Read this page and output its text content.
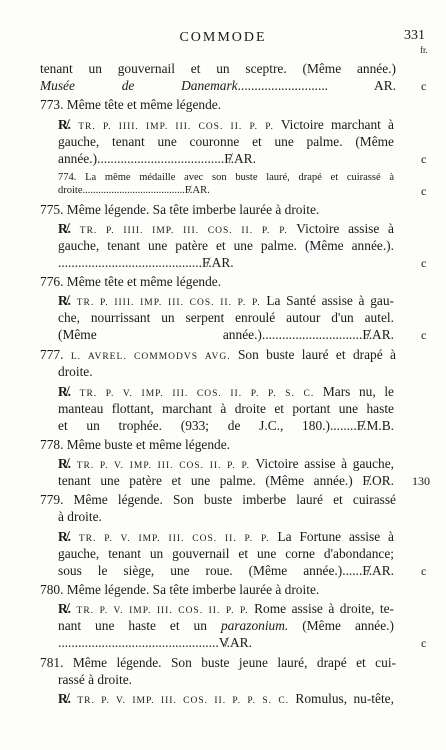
COMMODE	331
fr.
tenant un gouvernail et un sceptre. (Même année.)
Musée de Danemark........................... AR.
773. Même tête et même légende.
R̸. TR. P. IIII. IMP. III. COS. II. P. P. Victoire marchant à
gauche, tenant une couronne et une palme. (Même
année.)......................................F̸.AR.
774. La même médaille avec son buste lauré, drapé et cuirassé à
droite.......................................F̸.AR.
775. Même légende. Sa tête imberbe laurée à droite.
R̸. TR. P. IIII. IMP. III. COS. II. P. P. Victoire assise à
gauche, tenant une patère et une palme. (Même année.).
...........................................F̸.AR.
776. Même tête et même légende.
R̸. TR. P. IIII. IMP. III. COS. II. P. P. La Santé assise à gau-
che, nourrissant un serpent enroulé autour d'un autel.
(Même année.)..............................F̸.AR.
777. L. AVREL. COMMODVS AVG. Son buste lauré et drapé à
droite.
R̸. TR. P. V. IMP. III. COS. II. P. P. S. C. Mars nu, le
manteau flottant, marchant à droite et portant une haste
et un trophée. (933; de J.C., 180.)........F̸.M.B.
778. Même buste et même légende.
R̸. TR. P. V. IMP. III. COS. II. P. P. Victoire assise à gauche,
tenant une patère et une palme. (Même année.) F̸.OR.
779. Même légende. Son buste imberbe lauré et cuirassé
à droite.
R̸. TR. P. V. IMP. III. COS. II. P. P. La Fortune assise à
gauche, tenant un gouvernail et une corne d'abondance;
sous le siège, une roue. (Même année.)......F̸.AR.
780. Même légende. Sa tête imberbe laurée à droite.
R̸. TR. P. V. IMP. III. COS. II. P. P. Rome assise à droite, te-
nant une haste et un parazonium. (Même année.)
................................................V̸.AR.
781. Même légende. Son buste jeune lauré, drapé et cui-
rassé à droite.
R̸. TR. P. V. IMP. III. COS. II. P. P. S. C. Romulus, nu-tête,
c
c
c
c
c
130
c
c
